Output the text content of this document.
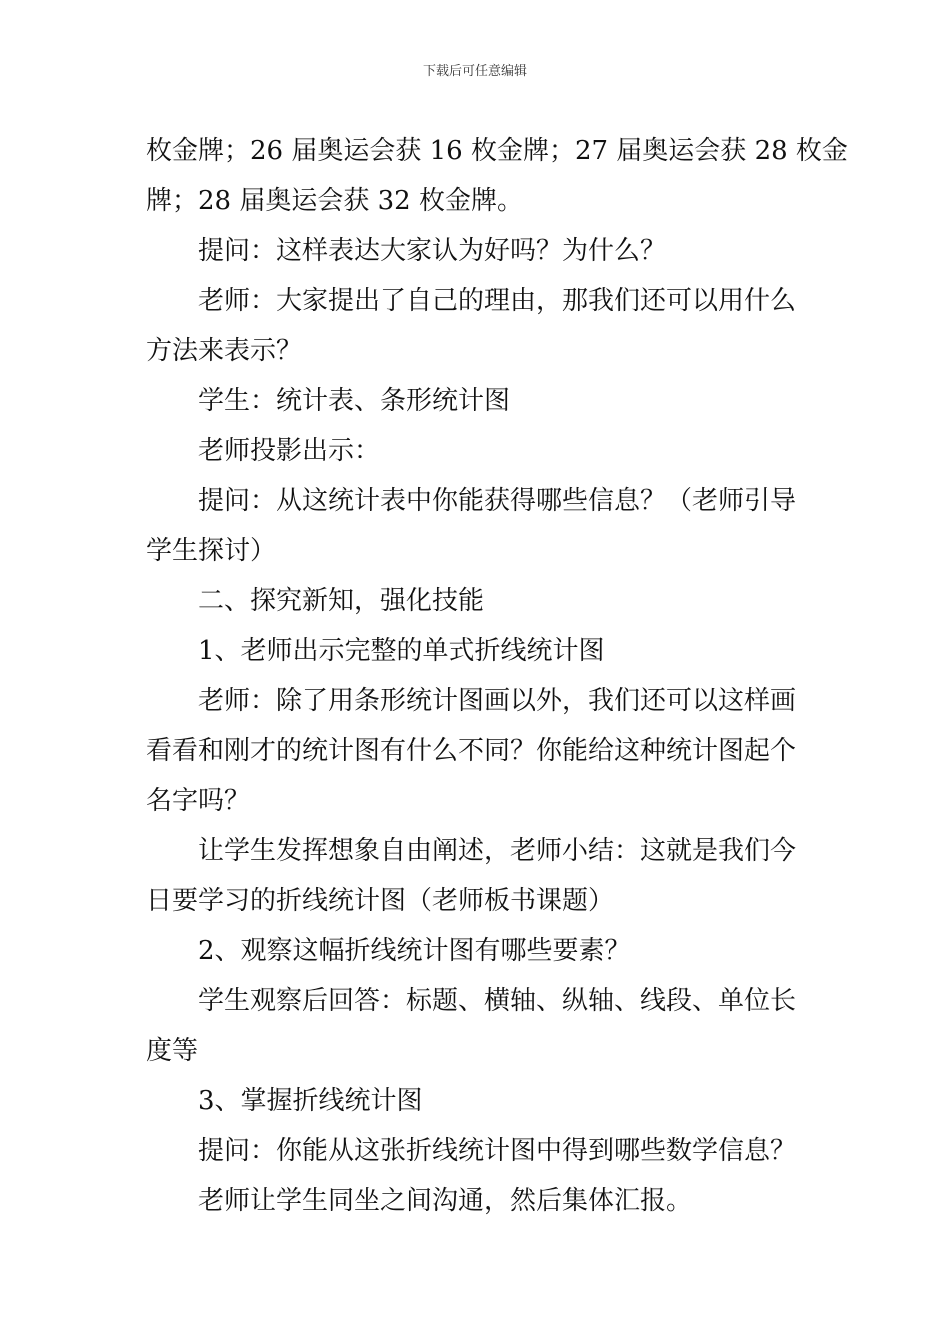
下载后可任意编辑
枚金牌；26 届奥运会获 16 枚金牌；27 届奥运会获 28 枚金
牌；28 届奥运会获 32 枚金牌。
提问：这样表达大家认为好吗？为什么？
老师：大家提出了自己的理由，那我们还可以用什么
方法来表示？
学生：统计表、条形统计图
老师投影出示：
提问：从这统计表中你能获得哪些信息？（老师引导
学生探讨）
二、探究新知，强化技能
1、老师出示完整的单式折线统计图
老师：除了用条形统计图画以外，我们还可以这样画
看看和刚才的统计图有什么不同？你能给这种统计图起个
名字吗？
让学生发挥想象自由阐述，老师小结：这就是我们今
日要学习的折线统计图（老师板书课题）
2、观察这幅折线统计图有哪些要素？
学生观察后回答：标题、横轴、纵轴、线段、单位长
度等
3、掌握折线统计图
提问：你能从这张折线统计图中得到哪些数学信息？
老师让学生同坐之间沟通，然后集体汇报。
